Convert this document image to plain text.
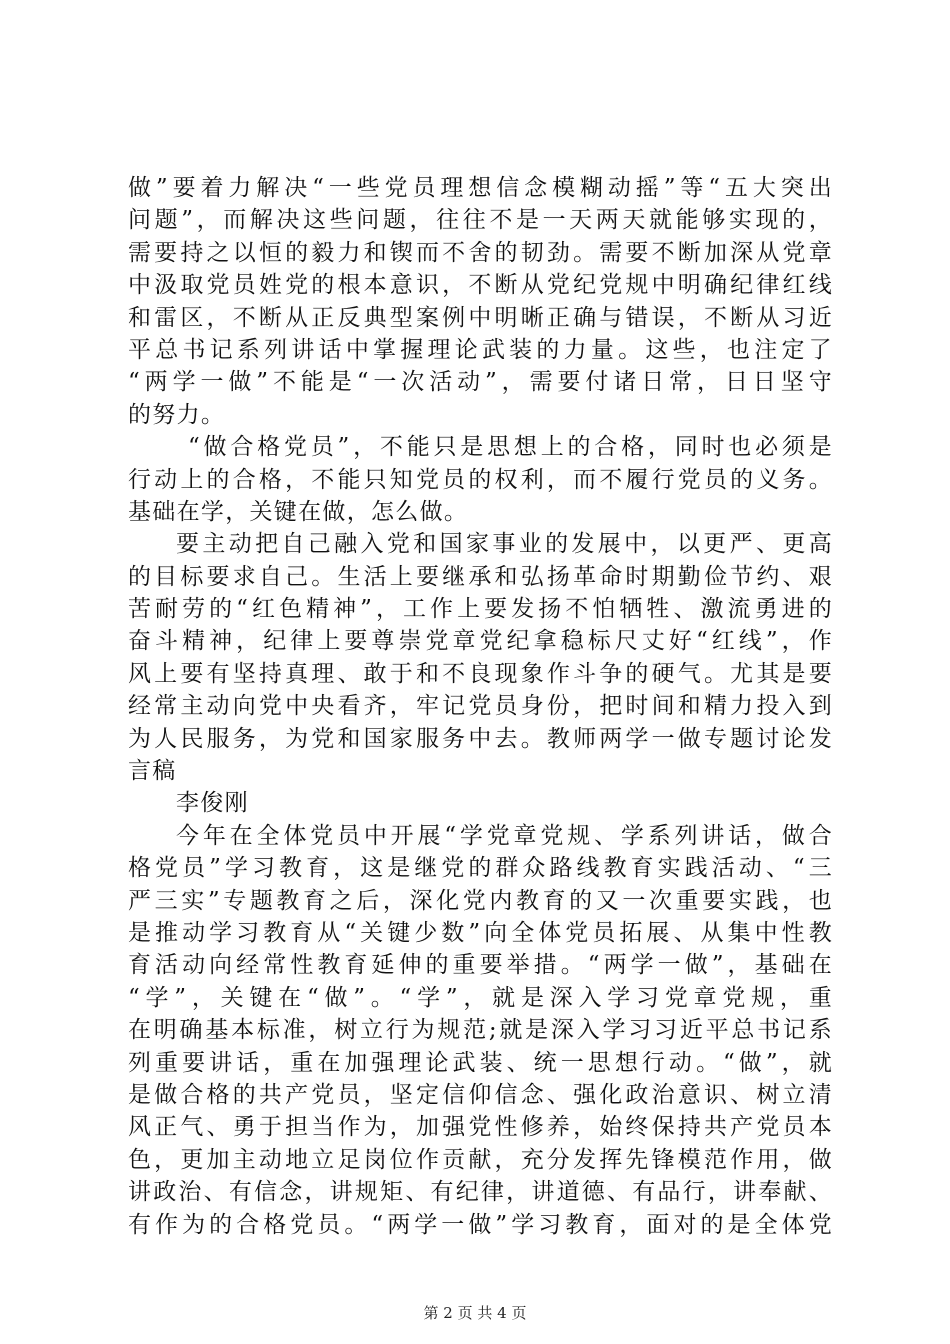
做”要着力解决“一些党员理想信念模糊动摇”等“五大突出
问题”，而解决这些问题，往往不是一天两天就能够实现的，
需要持之以恒的毅力和锲而不舍的韧劲。需要不断加深从党章
中汲取党员姓党的根本意识，不断从党纪党规中明确纪律红线
和雷区，不断从正反典型案例中明晰正确与错误，不断从习近
平总书记系列讲话中掌握理论武装的力量。这些，也注定了
“两学一做”不能是“一次活动”，需要付诸日常，日日坚守
的努力。
“做合格党员”，不能只是思想上的合格，同时也必须是
行动上的合格，不能只知党员的权利，而不履行党员的义务。
基础在学，关键在做，怎么做。
要主动把自己融入党和国家事业的发展中，以更严、更高
的目标要求自己。生活上要继承和弘扬革命时期勤俭节约、艰
苦耐劳的“红色精神”，工作上要发扬不怕牺牲、激流勇进的
奋斗精神，纪律上要尊崇党章党纪拿稳标尺丈好“红线”，作
风上要有坚持真理、敢于和不良现象作斗争的硬气。尤其是要
经常主动向党中央看齐，牢记党员身份，把时间和精力投入到
为人民服务，为党和国家服务中去。教师两学一做专题讨论发
言稿
李俊刚
今年在全体党员中开展“学党章党规、学系列讲话，做合
格党员”学习教育，这是继党的群众路线教育实践活动、“三
严三实”专题教育之后，深化党内教育的又一次重要实践，也
是推动学习教育从“关键少数”向全体党员拓展、从集中性教
育活动向经常性教育延伸的重要举措。“两学一做”，基础在
“学”，关键在“做”。“学”，就是深入学习党章党规，重
在明确基本标准，树立行为规范;就是深入学习习近平总书记系
列重要讲话，重在加强理论武装、统一思想行动。“做”，就
是做合格的共产党员，坚定信仰信念、强化政治意识、树立清
风正气、勇于担当作为，加强党性修养，始终保持共产党员本
色，更加主动地立足岗位作贡献，充分发挥先锋模范作用，做
讲政治、有信念，讲规矩、有纪律，讲道德、有品行，讲奉献、
有作为的合格党员。“两学一做”学习教育，面对的是全体党
第 2 页 共 4 页
